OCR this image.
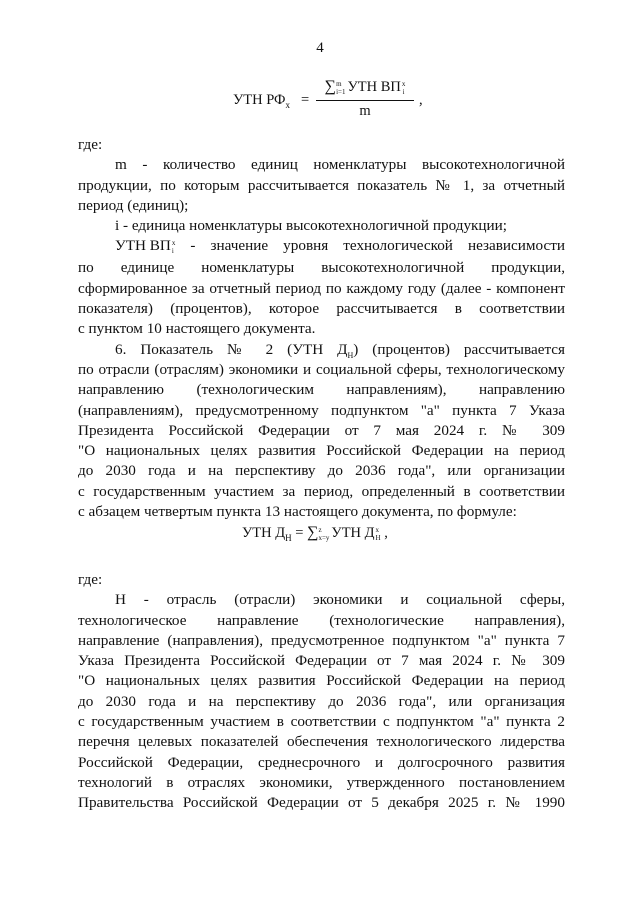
4
УТН $РФ_x$ =
∑m
i=1 УТН ВПx
i
m
,
где:
m - количество единиц номенклатуры высокотехнологичной
продукции, по которым рассчитывается показатель № 1, за отчетный
период (единиц);
i - единица номенклатуры высокотехнологичной продукции;
УТН ВПx
i - значение уровня технологической независимости
по единице номенклатуры высокотехнологичной продукции,
сформированное за отчетный период по каждому году (далее - компонент
показателя) (процентов), которое рассчитывается в соответствии
с пунктом 10 настоящего документа.
6. Показатель № 2 (УТН $Д_Н$) (процентов) рассчитывается
по отрасли (отраслям) экономики и социальной сферы, технологическому
направлению (технологическим направлениям), направлению
(направлениям), предусмотренному подпунктом "а" пункта 7 Указа
Президента Российской Федерации от 7 мая 2024 г. № 309
"О национальных целях развития Российской Федерации на период
до 2030 года и на перспективу до 2036 года", или организации
с государственным участием за период, определенный в соответствии
с абзацем четвертым пункта 13 настоящего документа, по формуле:
УТН $Д_Н = \sum z$
x=y УТН Дx
Н ,
где:
Н - отрасль (отрасли) экономики и социальной сферы,
технологическое направление (технологические направления),
направление (направления), предусмотренное подпунктом "а" пункта 7
Указа Президента Российской Федерации от 7 мая 2024 г. № 309
"О национальных целях развития Российской Федерации на период
до 2030 года и на перспективу до 2036 года", или организация
с государственным участием в соответствии с подпунктом "а" пункта 2
перечня целевых показателей обеспечения технологического лидерства
Российской Федерации, среднесрочного и долгосрочного развития
технологий в отраслях экономики, утвержденного постановлением
Правительства Российской Федерации от 5 декабря 2025 г. № 1990
